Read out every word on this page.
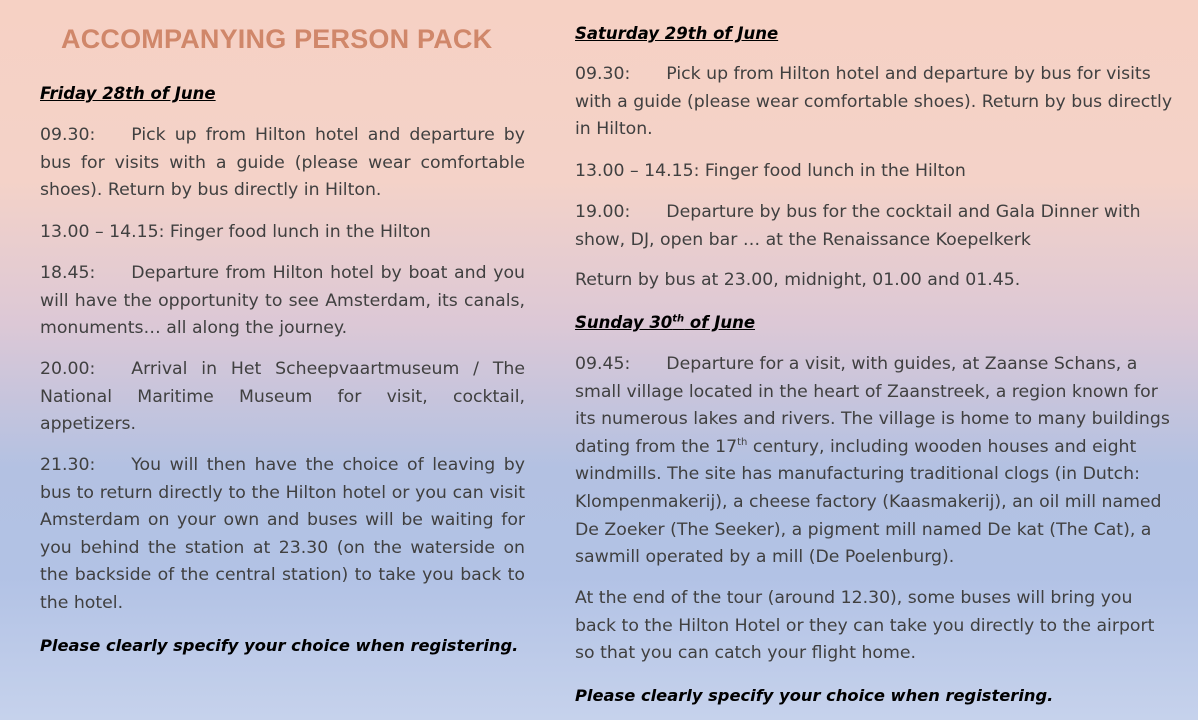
ACCOMPANYING PERSON PACK

Friday 28th of June

09.30: Pick up from Hilton hotel and departure by bus for visits with a guide (please wear comfortable shoes). Return by bus directly in Hilton.

13.00 – 14.15: Finger food lunch in the Hilton

18.45: Departure from Hilton hotel by boat and you will have the opportunity to see Amsterdam, its canals, monuments… all along the journey.

20.00: Arrival in Het Scheepvaartmuseum / The National Maritime Museum for visit, cocktail, appetizers.

21.30: You will then have the choice of leaving by bus to return directly to the Hilton hotel or you can visit Amsterdam on your own and buses will be waiting for you behind the station at 23.30 (on the waterside on the backside of the central station) to take you back to the hotel.

Please clearly specify your choice when registering.

Saturday 29th of June

09.30: Pick up from Hilton hotel and departure by bus for visits with a guide (please wear comfortable shoes). Return by bus directly in Hilton.

13.00 – 14.15: Finger food lunch in the Hilton

19.00: Departure by bus for the cocktail and Gala Dinner with show, DJ, open bar … at the Renaissance Koepelkerk

Return by bus at 23.00, midnight, 01.00 and 01.45.

Sunday 30th of June

09.45: Departure for a visit, with guides, at Zaanse Schans, a small village located in the heart of Zaanstreek, a region known for its numerous lakes and rivers. The village is home to many buildings dating from the 17th century, including wooden houses and eight windmills. The site has manufacturing traditional clogs (in Dutch: Klompenmakerij), a cheese factory (Kaasmakerij), an oil mill named De Zoeker (The Seeker), a pigment mill named De kat (The Cat), a sawmill operated by a mill (De Poelenburg).

At the end of the tour (around 12.30), some buses will bring you back to the Hilton Hotel or they can take you directly to the airport so that you can catch your flight home.

Please clearly specify your choice when registering.
